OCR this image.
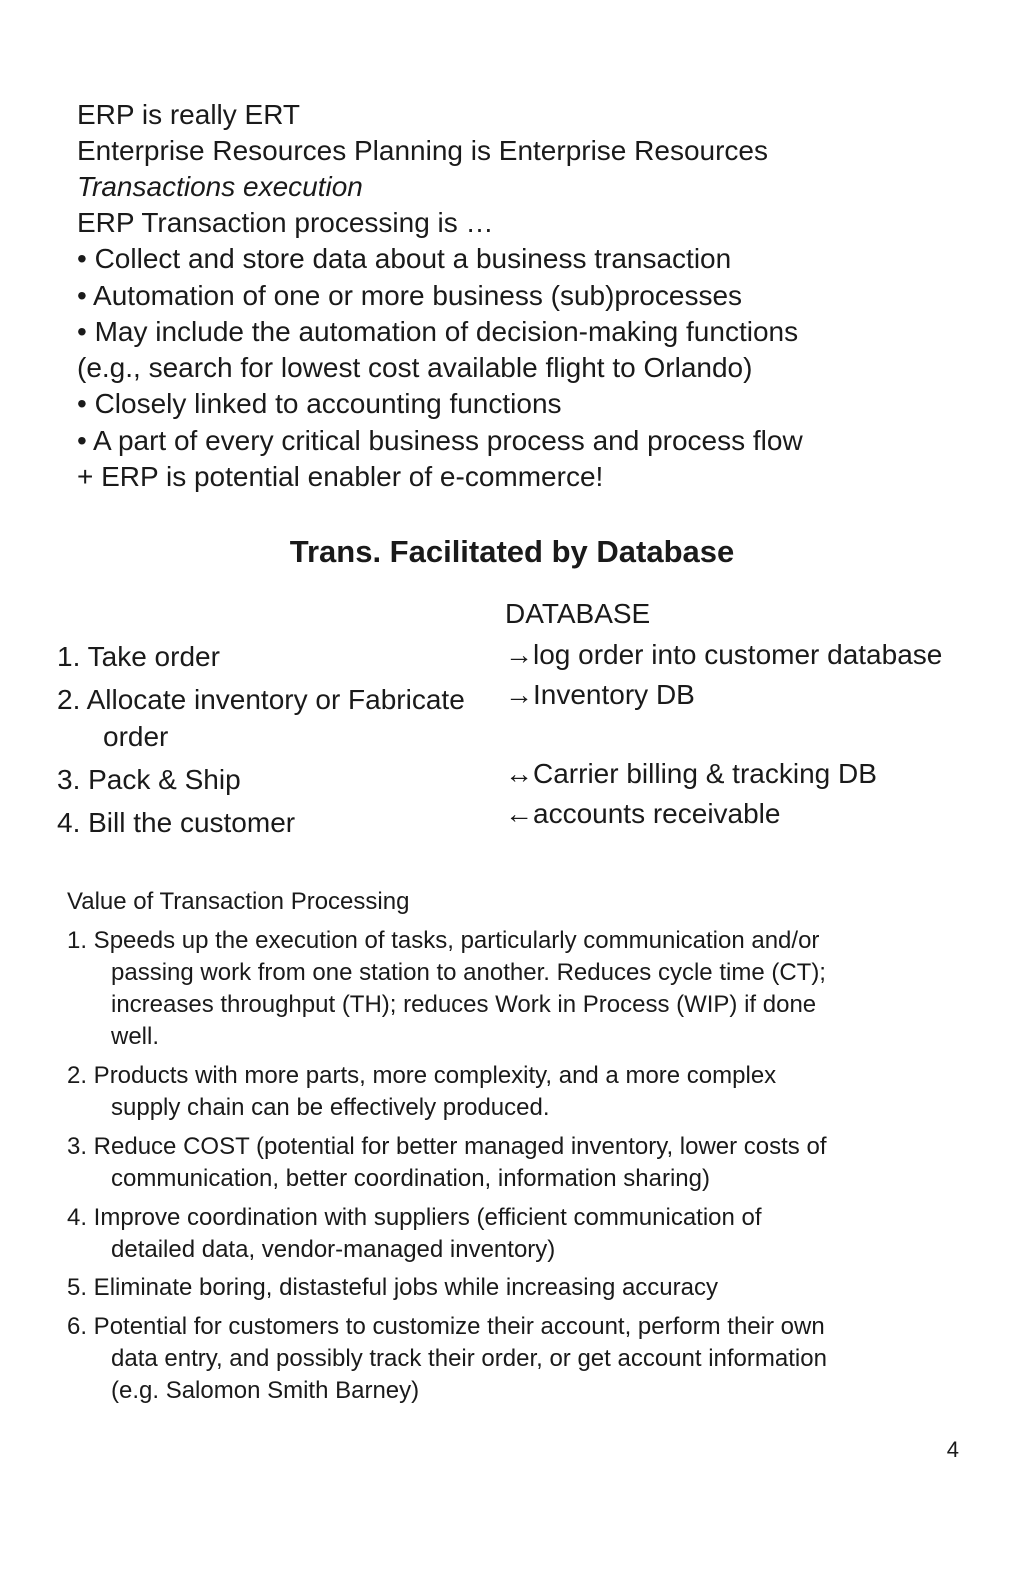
ERP is really ERT
Enterprise Resources Planning is Enterprise Resources
Transactions execution
ERP Transaction processing is …
• Collect and store data about a business transaction
• Automation of one or more business (sub)processes
• May include the automation of decision-making functions
(e.g., search for lowest cost available flight to Orlando)
• Closely linked to accounting functions
• A part of every critical business process and process flow
+ ERP is potential enabler of e-commerce!
Trans. Facilitated by Database
1. Take order
2. Allocate inventory or Fabricate
order
3. Pack & Ship
4. Bill the customer
DATABASE
→log order into customer database
→Inventory DB
↔Carrier billing & tracking DB
←accounts receivable
Value of Transaction Processing
1. Speeds up the execution of tasks, particularly communication and/or
passing work from one station to another. Reduces cycle time (CT);
increases throughput (TH); reduces Work in Process (WIP) if done
well.
2. Products with more parts, more complexity, and a more complex
supply chain can be effectively produced.
3. Reduce COST (potential for better managed inventory, lower costs of
communication, better coordination, information sharing)
4. Improve coordination with suppliers (efficient communication of
detailed data, vendor-managed inventory)
5. Eliminate boring, distasteful jobs while increasing accuracy
6. Potential for customers to customize their account, perform their own
data entry, and possibly track their order, or get account information
(e.g. Salomon Smith Barney)
4
